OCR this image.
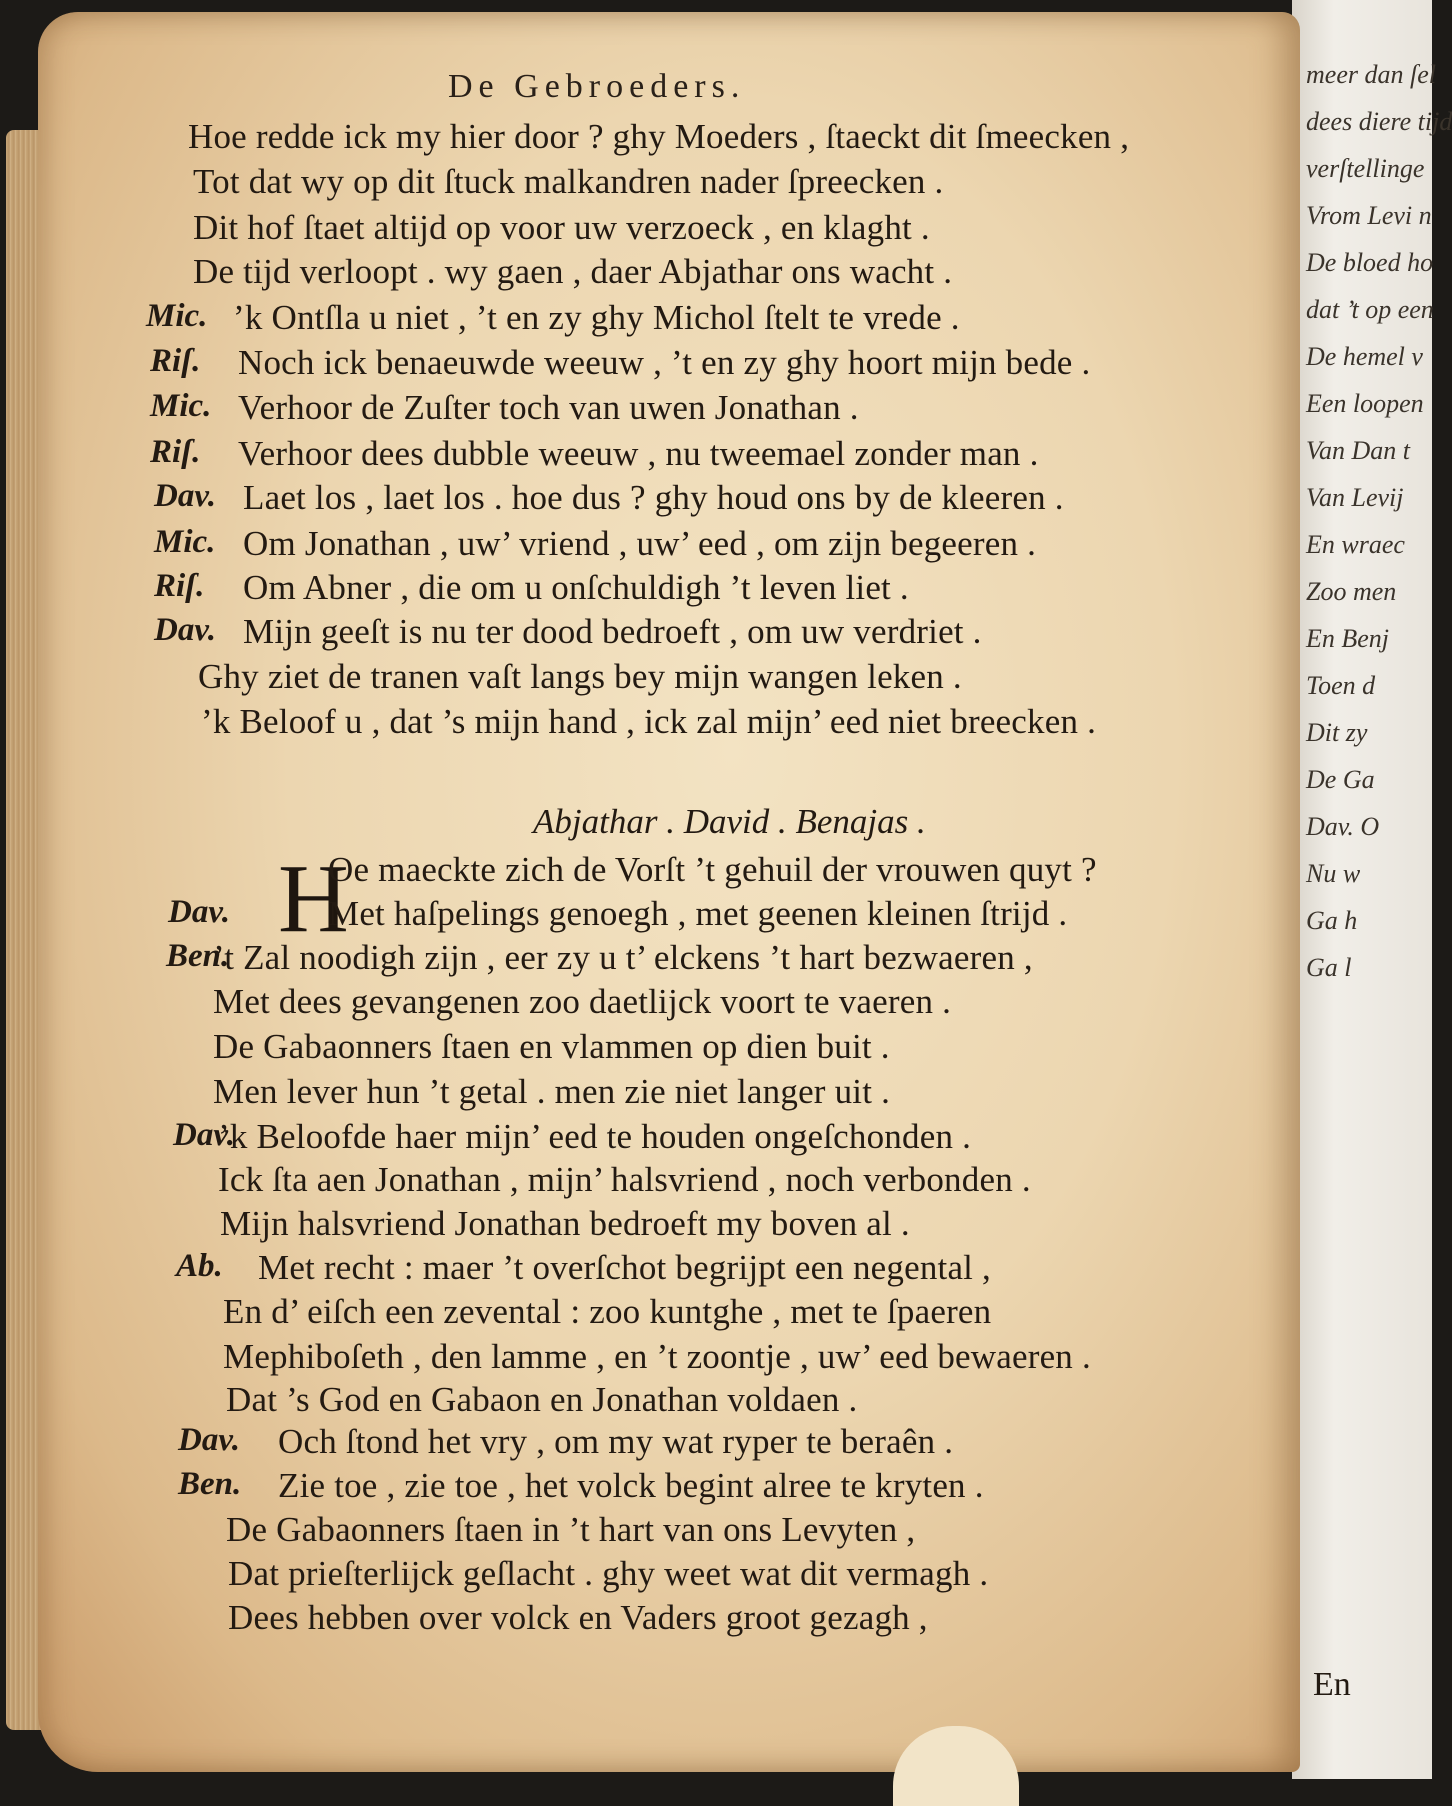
meer dan ſel
dees diere tijd
verſtellinge
Vrom Levi n
De bloed ho
dat ’t op een
De hemel v
Een loopen
Van Dan t
Van Levij
En wraec
Zoo men
En Benj
Toen d
Dit zy
De Ga
Dav. O
Nu w
Ga h
Ga l
De Gebroeders.
Hoe redde ick my hier door ? ghy Moeders , ſtaeckt dit ſmeecken ,
Tot dat wy op dit ſtuck malkandren nader ſpreecken .
Dit hof ſtaet altijd op voor uw verzoeck , en klaght .
De tijd verloopt . wy gaen , daer Abjathar ons wacht .
Mic. ’k Ontſla u niet , ’t en zy ghy Michol ſtelt te vrede .
Riſ. Noch ick benaeuwde weeuw , ’t en zy ghy hoort mijn bede .
Mic. Verhoor de Zuſter toch van uwen Jonathan .
Riſ. Verhoor dees dubble weeuw , nu tweemael zonder man .
Dav. Laet los , laet los . hoe dus ? ghy houd ons by de kleeren .
Mic. Om Jonathan , uw’ vriend , uw’ eed , om zijn begeeren .
Riſ. Om Abner , die om u onſchuldigh ’t leven liet .
Dav. Mijn geeſt is nu ter dood bedroeft , om uw verdriet .
Ghy ziet de tranen vaſt langs bey mijn wangen leken .
’k Beloof u , dat ’s mijn hand , ick zal mijn’ eed niet breecken .
Abjathar . David . Benajas .
H
Oe maeckte zich de Vorſt ’t gehuil der vrouwen quyt ?
Dav.	Met haſpelings genoegh , met geenen kleinen ſtrijd .
Ben.
’t Zal noodigh zijn , eer zy u t’ elckens ’t hart bezwaeren ,
Met dees gevangenen zoo daetlijck voort te vaeren .
De Gabaonners ſtaen en vlammen op dien buit .
Men lever hun ’t getal . men zie niet langer uit .
Dav.
’k Beloofde haer mijn’ eed te houden ongeſchonden .
Ick ſta aen Jonathan , mijn’ halsvriend , noch verbonden .
Mijn halsvriend Jonathan bedroeft my boven al .
Ab. Met recht : maer ’t overſchot begrijpt een negental ,
En d’ eiſch een zevental : zoo kuntghe , met te ſpaeren
Mephiboſeth , den lamme , en ’t zoontje , uw’ eed bewaeren .
Dat ’s God en Gabaon en Jonathan voldaen .
Dav. Och ſtond het vry , om my wat ryper te beraên .
Ben. Zie toe , zie toe , het volck begint alree te kryten .
De Gabaonners ſtaen in ’t hart van ons Levyten ,
Dat prieſterlijck geſlacht . ghy weet wat dit vermagh .
Dees hebben over volck en Vaders groot gezagh ,
En
